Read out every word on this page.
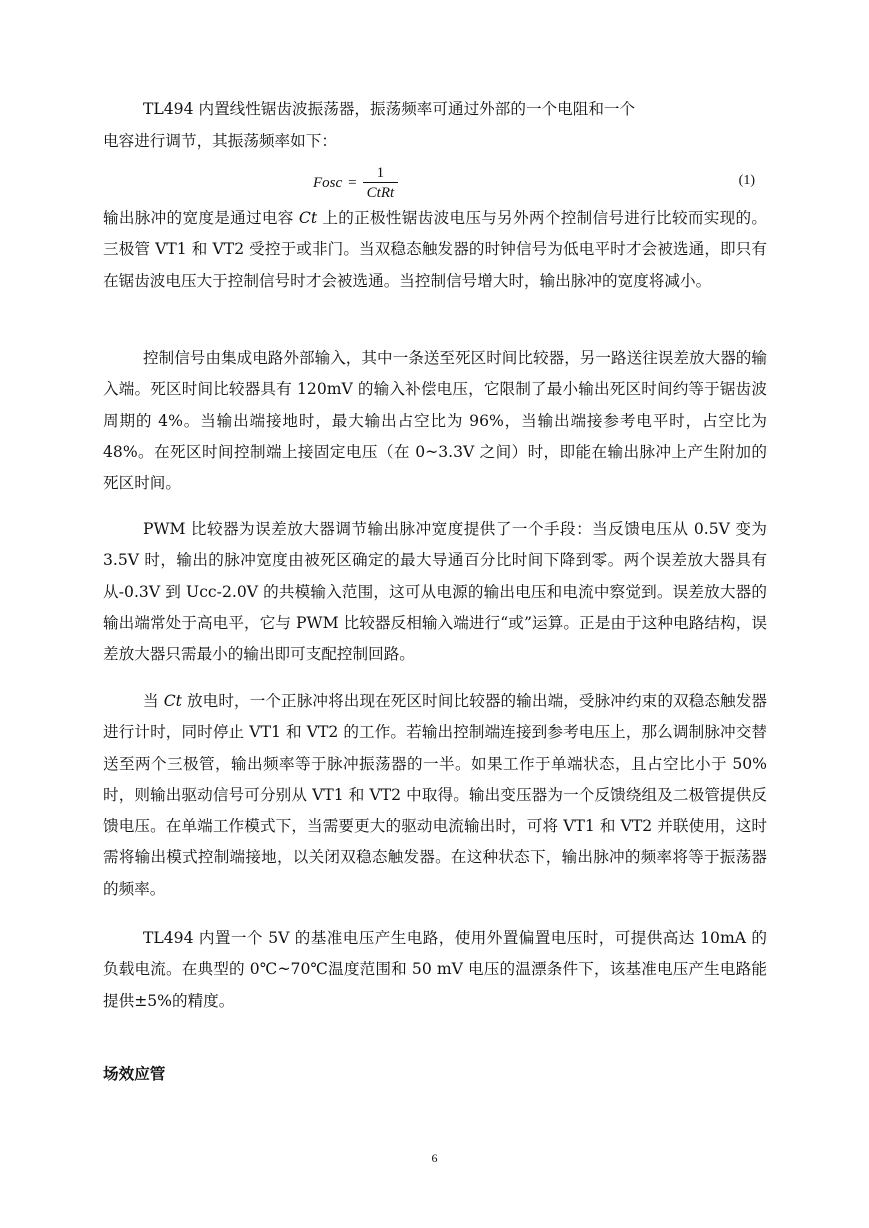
TL494 内置线性锯齿波振荡器，振荡频率可通过外部的一个电阻和一个

电容进行调节，其振荡频率如下：

Fosc = $\frac{1}{\text{CtRt}}$	(1)

输出脉冲的宽度是通过电容 Ct 上的正极性锯齿波电压与另外两个控制信号进行比较而实现的。三极管 VT1 和 VT2 受控于或非门。当双稳态触发器的时钟信号为低电平时才会被选通，即只有在锯齿波电压大于控制信号时才会被选通。当控制信号增大时，输出脉冲的宽度将减小。

控制信号由集成电路外部输入，其中一条送至死区时间比较器，另一路送往误差放大器的输入端。死区时间比较器具有 120mV 的输入补偿电压，它限制了最小输出死区时间约等于锯齿波周期的 4%。当输出端接地时，最大输出占空比为 96%，当输出端接参考电平时，占空比为 48%。在死区时间控制端上接固定电压（在 0~3.3V 之间）时，即能在输出脉冲上产生附加的死区时间。

PWM 比较器为误差放大器调节输出脉冲宽度提供了一个手段：当反馈电压从 0.5V 变为 3.5V 时，输出的脉冲宽度由被死区确定的最大导通百分比时间下降到零。两个误差放大器具有从-0.3V 到 Ucc-2.0V 的共模输入范围，这可从电源的输出电压和电流中察觉到。误差放大器的输出端常处于高电平，它与 PWM 比较器反相输入端进行“或”运算。正是由于这种电路结构，误差放大器只需最小的输出即可支配控制回路。

当 Ct 放电时，一个正脉冲将出现在死区时间比较器的输出端，受脉冲约束的双稳态触发器进行计时，同时停止 VT1 和 VT2 的工作。若输出控制端连接到参考电压上，那么调制脉冲交替送至两个三极管，输出频率等于脉冲振荡器的一半。如果工作于单端状态，且占空比小于 50%时，则输出驱动信号可分别从 VT1 和 VT2 中取得。输出变压器为一个反馈绕组及二极管提供反馈电压。在单端工作模式下，当需要更大的驱动电流输出时，可将 VT1 和 VT2 并联使用，这时需将输出模式控制端接地，以关闭双稳态触发器。在这种状态下，输出脉冲的频率将等于振荡器的频率。

TL494 内置一个 5V 的基准电压产生电路，使用外置偏置电压时，可提供高达 10mA 的负载电流。在典型的 0℃~70℃温度范围和 50 mV 电压的温漂条件下，该基准电压产生电路能提供±5%的精度。

场效应管
6
